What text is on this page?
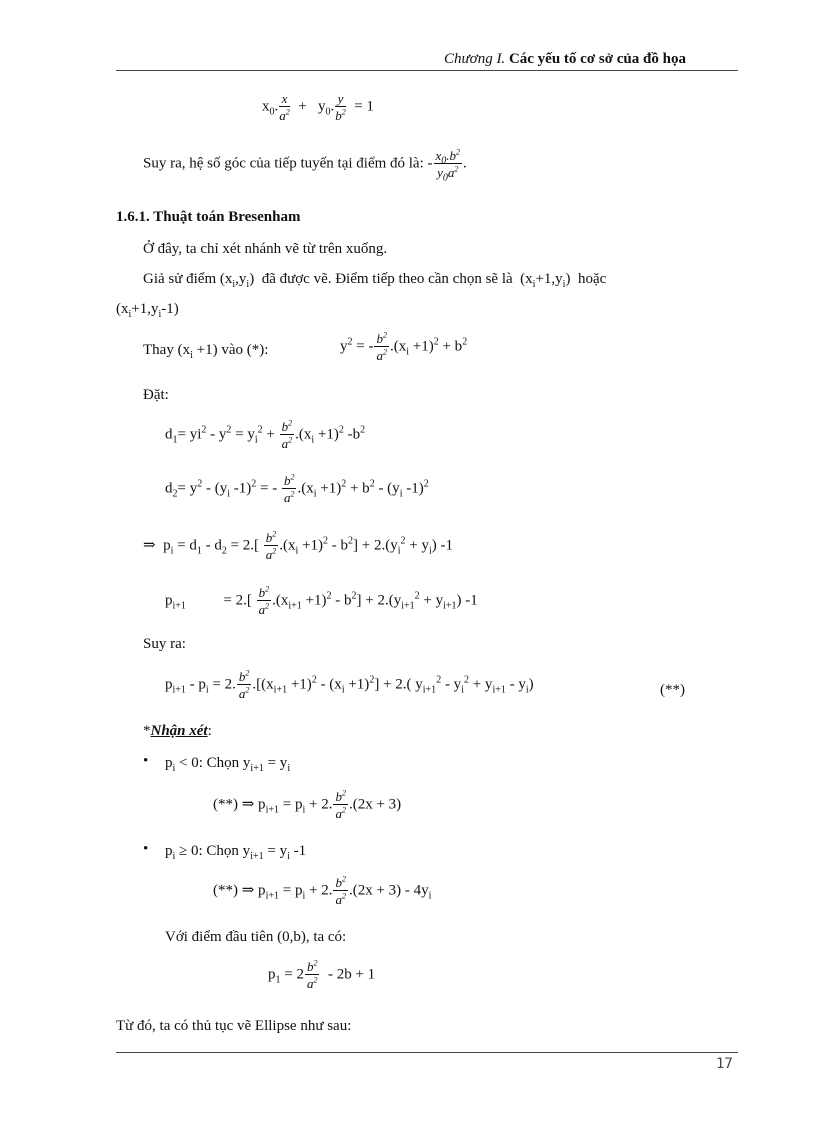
Chương I. Các yếu tố cơ sở của đồ họa
$x_0$. $\frac{x}{a^2} + y_0$. $\frac{y}{b^2} = 1$
Suy ra, hệ số góc của tiếp tuyến tại điểm đó là: - $\frac{x_0.b^2}{y_0a^2}$ .
1.6.1. Thuật toán Bresenham
Ở đây, ta chỉ xét nhánh vẽ từ trên xuống.
Giả sử điểm $(x_i,y_i)$  đã được vẽ. Điểm tiếp theo cần chọn sẽ là  $(x_i+1,y_i)$  hoặc
$(x_i+1,y_i-1)$
Thay $(x_i +1)$ vào (*):	$y^2$ = - $\frac{b^2}{a^2} .(x_i +1)^2 + b^2$
Đặt:
$d_1= yi^2 - y^2 = y_i^2 + \frac{b^2}{a^2} .(x_i +1)^2$ $-b^2$
$d_2= y^2 - (y_i$ -1)$^2$ = - $\frac{b^2}{a^2} .(x_i +1)^2 + b^2 - (y_i$ -1)$^2$
⇒  $p_i = d_1 - d_2 = 2.[ \frac{b^2}{a^2} .(x_i +1)^2 - b^2] + 2.(y_i^2 + y_i)$ -1
$p_{i+1}$          = $2.[ \frac{b^2}{a^2} .(x_{i+1} +1)^2 - b^2] + 2.(y_{i+1}^2 + y_{i+1})$ -1
Suy ra:
$p_{i+1} - p_i = 2$. $\frac{b^2}{a^2} .[(x_{i+1} +1)^2 - (x_i +1)^2] + 2$.( $y_{i+1}^2 - y_i^2 + y_{i+1} - y_i$)	(**)
*Nhận xét:
• $p_i < 0$: Chọn $y_{i+1} = y_i$
(**) ⇒ $p_{i+1} = p_i + 2$. $\frac{b^2}{a^2} .(2x + 3)$
• $p_i \ge 0$: Chọn $y_{i+1} = y_i$ -1
(**) ⇒ $p_{i+1} = p_i + 2$. $\frac{b^2}{a^2} .(2x + 3) - 4y_i$
Với điểm đầu tiên (0,b), ta có:
$p_1 = 2 \frac{b^2}{a^2} - 2b + 1$
Từ đó, ta có thủ tục vẽ Ellipse như sau:
17
